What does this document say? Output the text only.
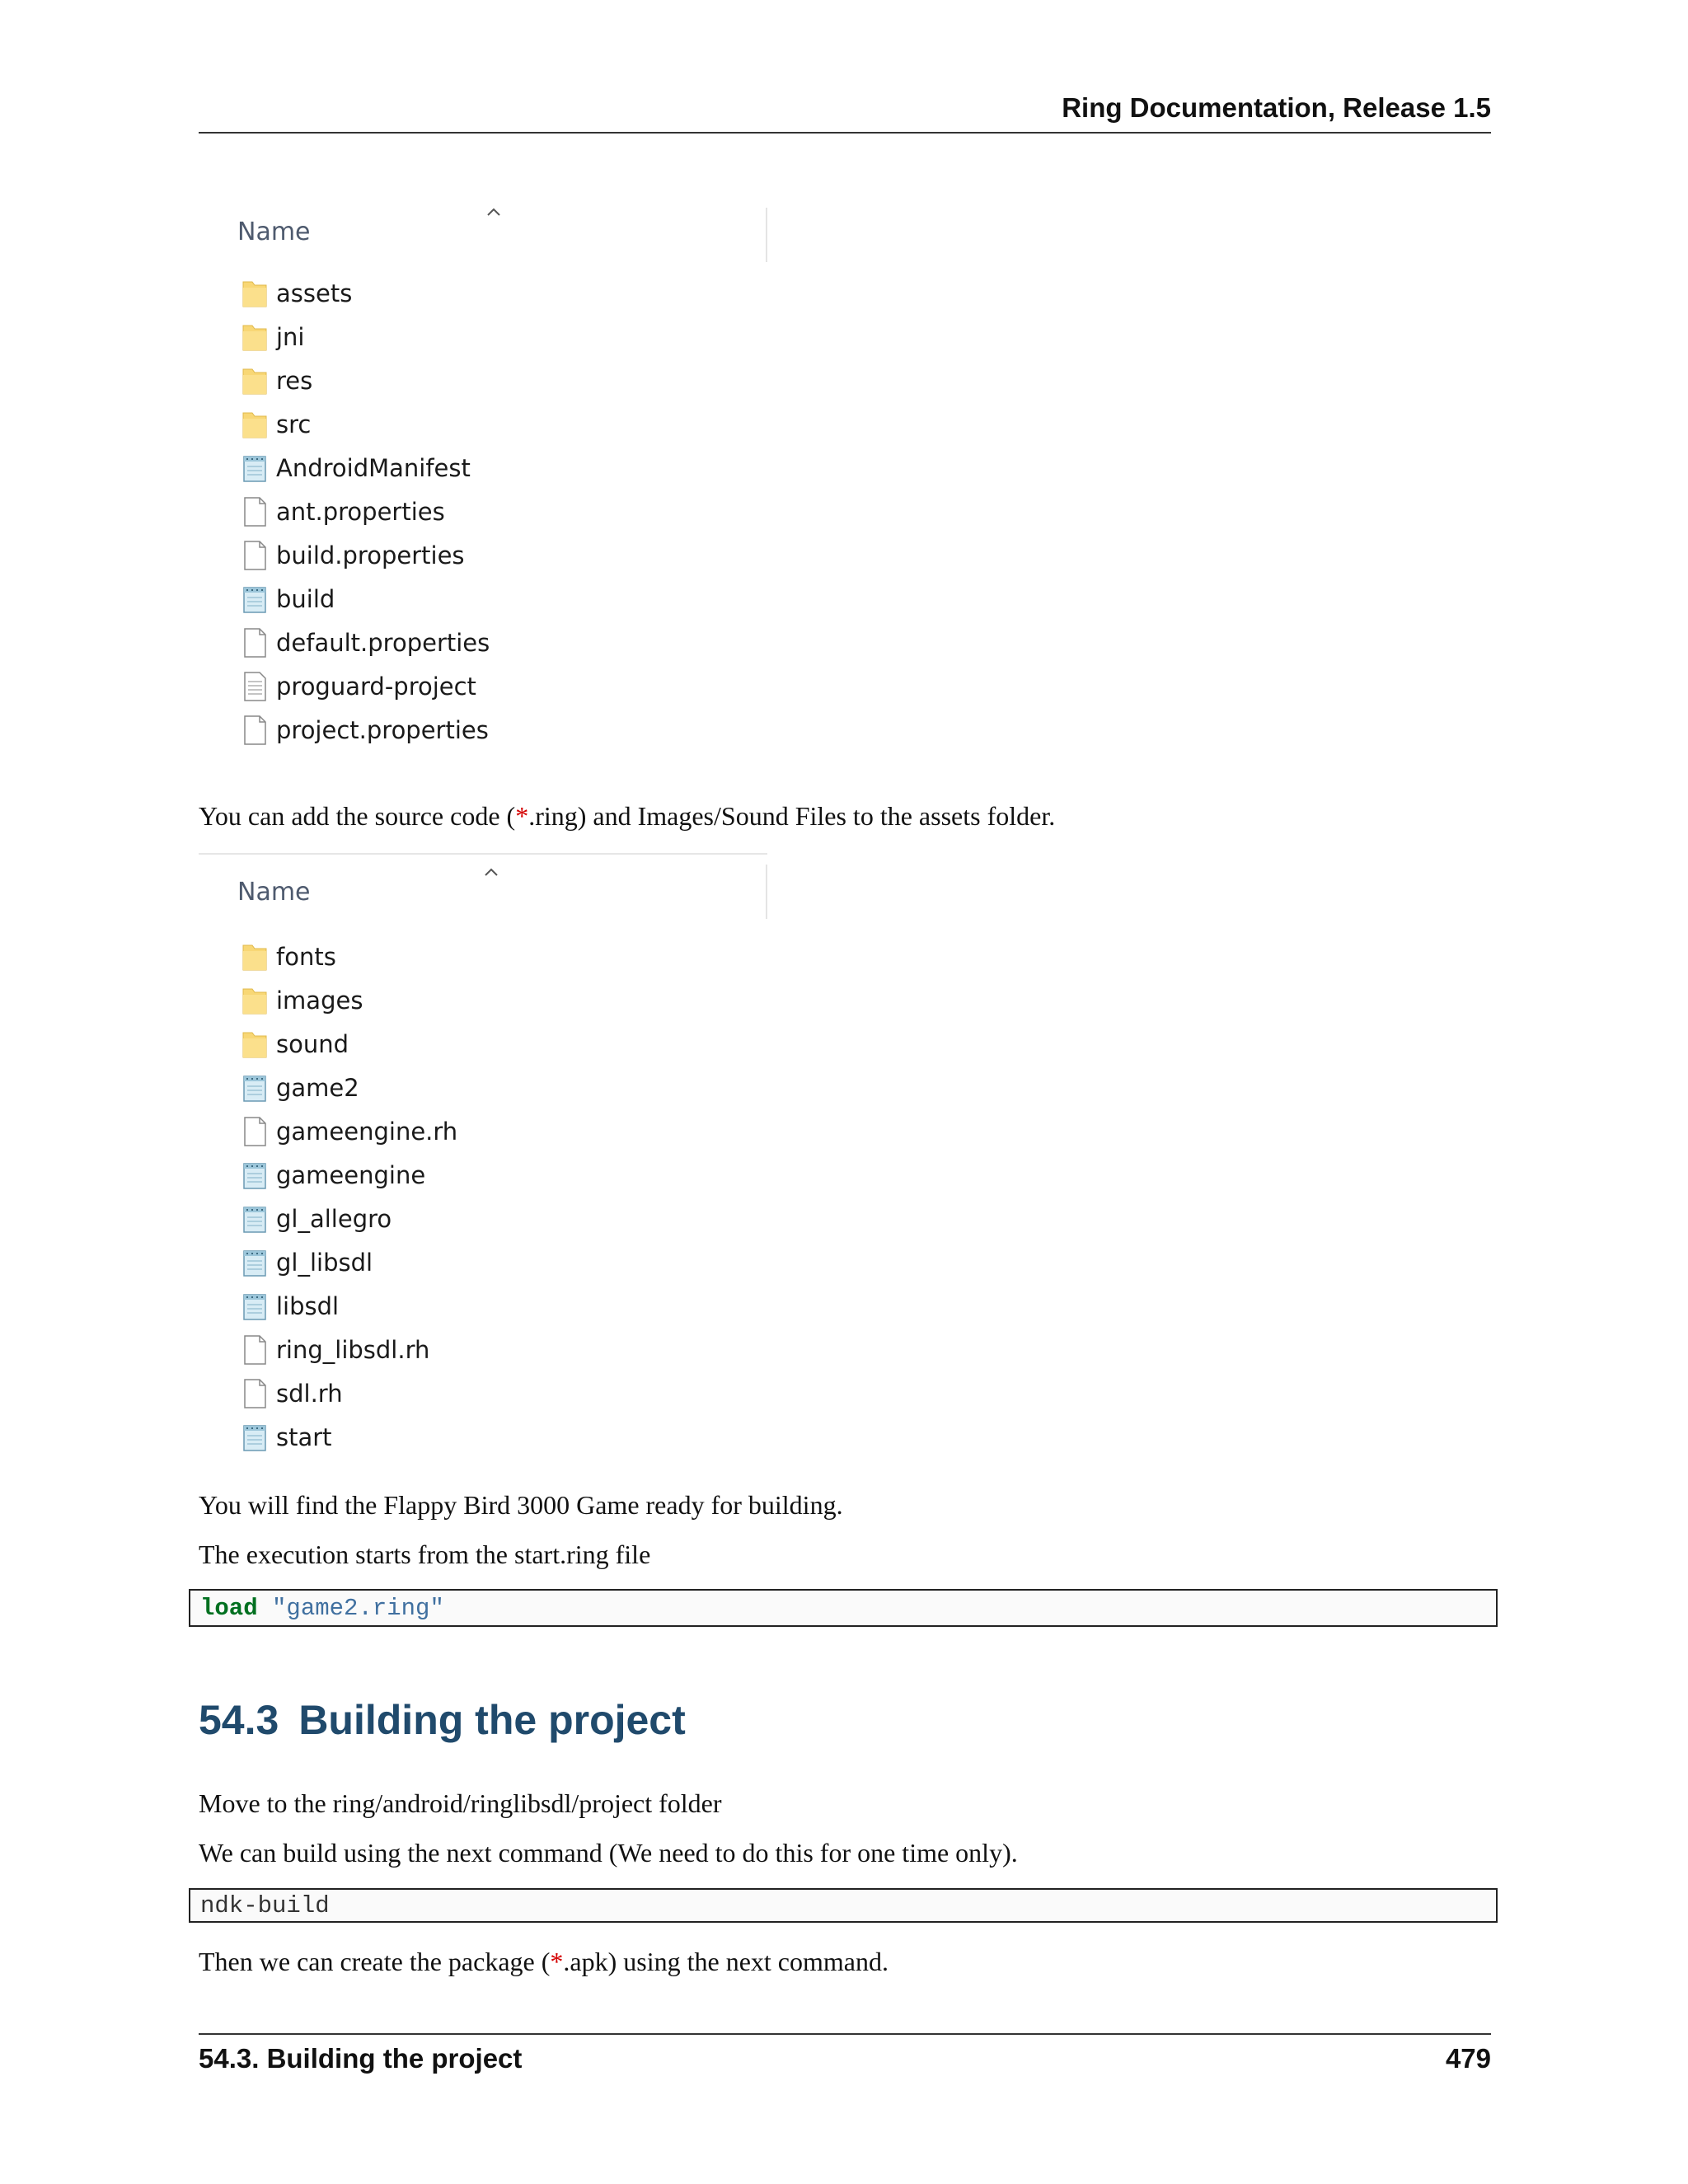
Ring Documentation, Release 1.5
Name
assets
jni
res
src
AndroidManifest
ant.properties
build.properties
build
default.properties
proguard-project
project.properties
You can add the source code (*.ring) and Images/Sound Files to the assets folder.
Name
fonts
images
sound
game2
gameengine.rh
gameengine
gl_allegro
gl_libsdl
libsdl
ring_libsdl.rh
sdl.rh
start
You will find the Flappy Bird 3000 Game ready for building.
The execution starts from the start.ring file
load
"game2.ring"
54.3 Building the project
Move to the ring/android/ringlibsdl/project folder
We can build using the next command (We need to do this for one time only).
ndk-build
Then we can create the package (*.apk) using the next command.
54.3. Building the project	479
